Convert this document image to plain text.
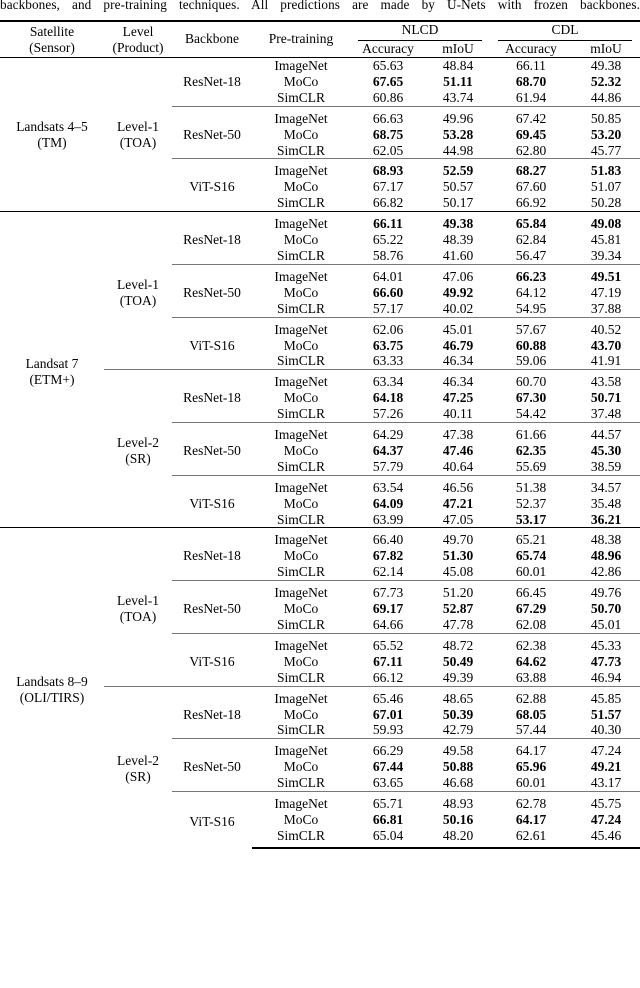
backbones, and pre-training techniques. All predictions are made by U-Nets with frozen backbones.
Satellite
(Sensor)

Level
(Product)
	Backbone	Pre-training	
NLCD	CDL

				Accuracy	mIoU	Accuracy	mIoU

Landsats 4–5
(TM)

Level-1
(TOA)
	ResNet-18	ImageNet	65.63	48.84	66.11	49.38
			MoCo	67.65	51.11	68.70	52.32
			SimCLR	60.86	43.74	61.94	44.86
		ResNet-50	ImageNet	66.63	49.96	67.42	50.85
			MoCo	68.75	53.28	69.45	53.20
			SimCLR	62.05	44.98	62.80	45.77
		ViT-S16	ImageNet	68.93	52.59	68.27	51.83
			MoCo	67.17	50.57	67.60	51.07
			SimCLR	66.82	50.17	66.92	50.28

Landsat 7
(ETM+)

Level-1
(TOA)
	ResNet-18	ImageNet	66.11	49.38	65.84	49.08
			MoCo	65.22	48.39	62.84	45.81
			SimCLR	58.76	41.60	56.47	39.34
		ResNet-50	ImageNet	64.01	47.06	66.23	49.51
			MoCo	66.60	49.92	64.12	47.19
			SimCLR	57.17	40.02	54.95	37.88
		ViT-S16	ImageNet	62.06	45.01	57.67	40.52
			MoCo	63.75	46.79	60.88	43.70
			SimCLR	63.33	46.34	59.06	41.91

	Level-2
(SR)	ResNet-18	ImageNet	63.34	46.34	60.70	43.58
			MoCo	64.18	47.25	67.30	50.71
			SimCLR	57.26	40.11	54.42	37.48
		ResNet-50	ImageNet	64.29	47.38	61.66	44.57
			MoCo	64.37	47.46	62.35	45.30
			SimCLR	57.79	40.64	55.69	38.59
		ViT-S16	ImageNet	63.54	46.56	51.38	34.57
			MoCo	64.09	47.21	52.37	35.48
			SimCLR	63.99	47.05	53.17	36.21

Landsats 8–9
(OLI/TIRS)

Level-1
(TOA)
	ResNet-18	ImageNet	66.40	49.70	65.21	48.38
			MoCo	67.82	51.30	65.74	48.96
			SimCLR	62.14	45.08	60.01	42.86
		ResNet-50	ImageNet	67.73	51.20	66.45	49.76
			MoCo	69.17	52.87	67.29	50.70
			SimCLR	64.66	47.78	62.08	45.01
		ViT-S16	ImageNet	65.52	48.72	62.38	45.33
			MoCo	67.11	50.49	64.62	47.73
			SimCLR	66.12	49.39	63.88	46.94

	Level-2
(SR)	ResNet-18	ImageNet	65.46	48.65	62.88	45.85
			MoCo	67.01	50.39	68.05	51.57
			SimCLR	59.93	42.79	57.44	40.30
		ResNet-50	ImageNet	66.29	49.58	64.17	47.24
			MoCo	67.44	50.88	65.96	49.21
			SimCLR	63.65	46.68	60.01	43.17
		ViT-S16	ImageNet	65.71	48.93	62.78	45.75
			MoCo	66.81	50.16	64.17	47.24
			SimCLR	65.04	48.20	62.61	45.46
